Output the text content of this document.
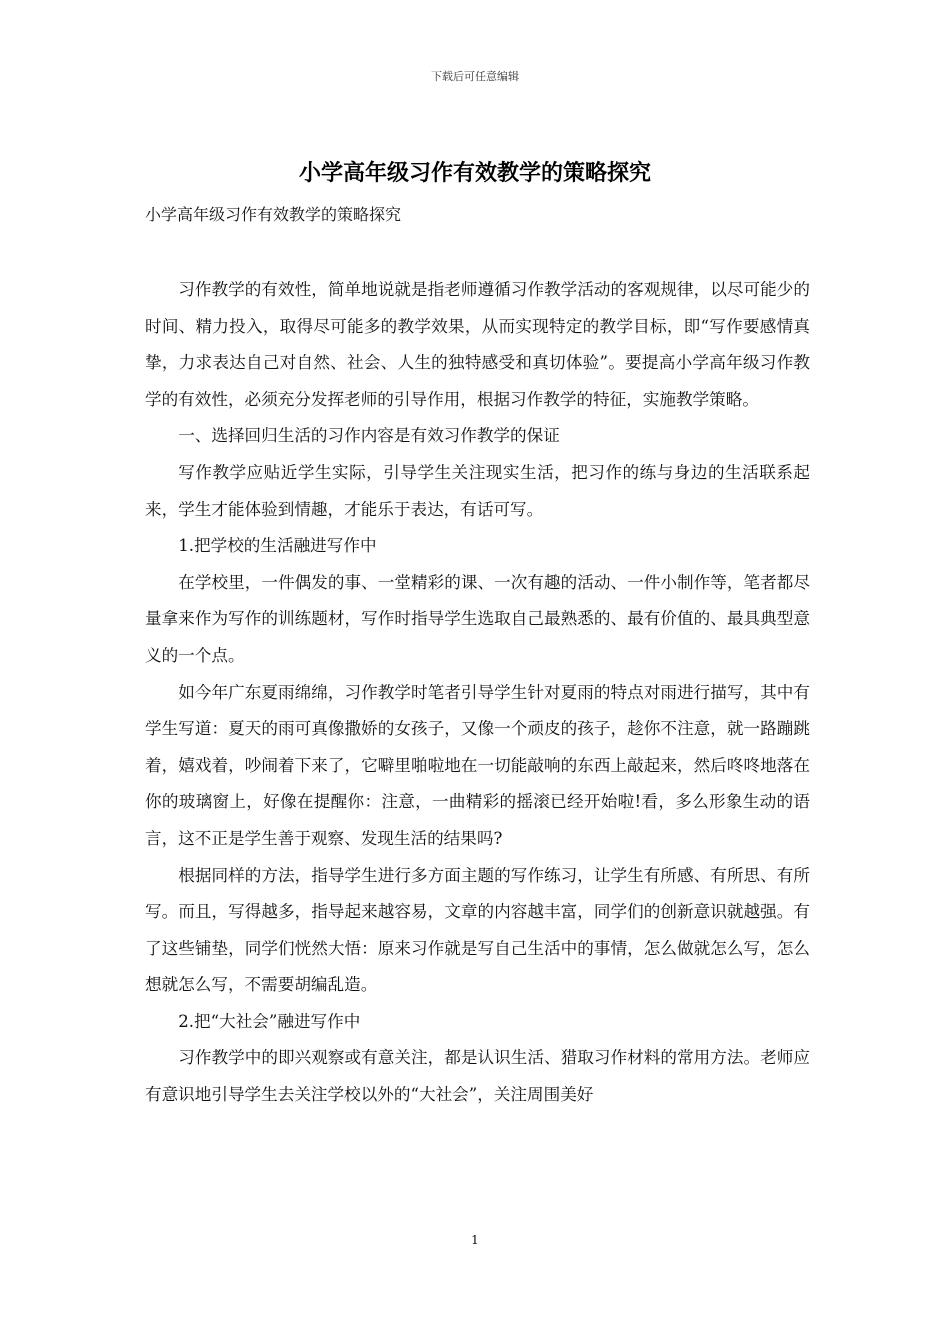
下载后可任意编辑
小学高年级习作有效教学的策略探究

小学高年级习作有效教学的策略探究

习作教学的有效性，简单地说就是指老师遵循习作教学活动的客观规律，以尽可能少的时间、精力投入，取得尽可能多的教学效果，从而实现特定的教学目标，即“写作要感情真挚，力求表达自己对自然、社会、人生的独特感受和真切体验”。要提高小学高年级习作教学的有效性，必须充分发挥老师的引导作用，根据习作教学的特征，实施教学策略。

一、选择回归生活的习作内容是有效习作教学的保证

写作教学应贴近学生实际，引导学生关注现实生活，把习作的练与身边的生活联系起来，学生才能体验到情趣，才能乐于表达，有话可写。

1.把学校的生活融进写作中

在学校里，一件偶发的事、一堂精彩的课、一次有趣的活动、一件小制作等，笔者都尽量拿来作为写作的训练题材，写作时指导学生选取自己最熟悉的、最有价值的、最具典型意义的一个点。

如今年广东夏雨绵绵，习作教学时笔者引导学生针对夏雨的特点对雨进行描写，其中有学生写道：夏天的雨可真像撒娇的女孩子，又像一个顽皮的孩子，趁你不注意，就一路蹦跳着，嬉戏着，吵闹着下来了，它噼里啪啦地在一切能敲响的东西上敲起来，然后咚咚地落在你的玻璃窗上，好像在提醒你：注意，一曲精彩的摇滚已经开始啦!看，多么形象生动的语言，这不正是学生善于观察、发现生活的结果吗?

根据同样的方法，指导学生进行多方面主题的写作练习，让学生有所感、有所思、有所写。而且，写得越多，指导起来越容易，文章的内容越丰富，同学们的创新意识就越强。有了这些铺垫，同学们恍然大悟：原来习作就是写自己生活中的事情，怎么做就怎么写，怎么想就怎么写，不需要胡编乱造。

2.把“大社会”融进写作中

习作教学中的即兴观察或有意关注，都是认识生活、猎取习作材料的常用方法。老师应有意识地引导学生去关注学校以外的“大社会”，关注周围美好

1
